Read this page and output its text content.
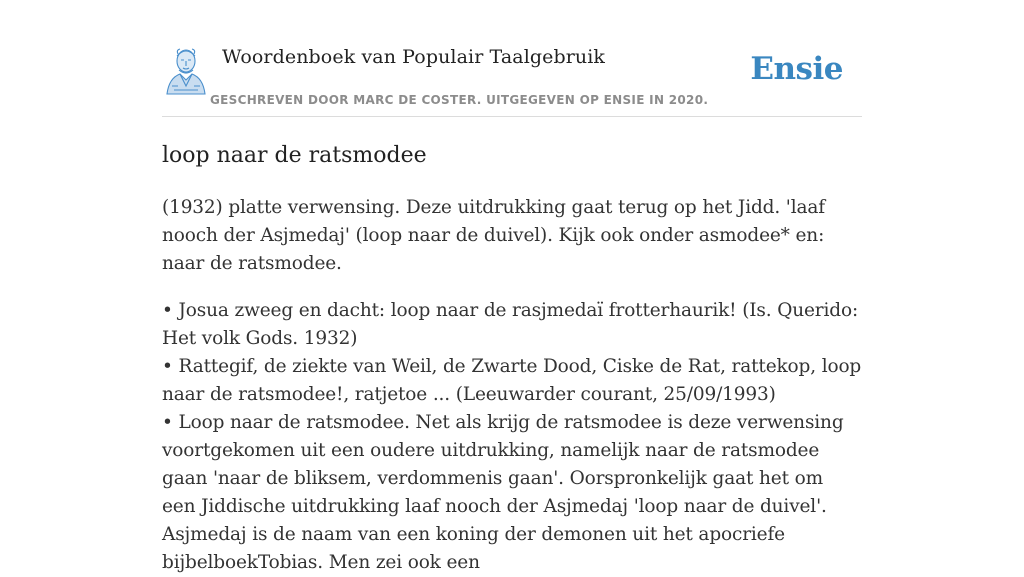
Woordenboek van Populair Taalgebruik
GESCHREVEN DOOR MARC DE COSTER. UITGEGEVEN OP ENSIE IN 2020.
Ensie
loop naar de ratsmodee

(1932) platte verwensing. Deze uitdrukking gaat terug op het Jidd. 'laaf nooch der Asjmedaj' (loop naar de duivel). Kijk ook onder asmodee* en: naar de ratsmodee.

• Josua zweeg en dacht: loop naar de rasjmedaï frotterhaurik! (Is. Querido: Het volk Gods. 1932)
• Rattegif, de ziekte van Weil, de Zwarte Dood, Ciske de Rat, rattekop, loop naar de ratsmodee!, ratjetoe ... (Leeuwarder courant, 25/09/1993)
• Loop naar de ratsmodee. Net als krijg de ratsmodee is deze verwensing voortgekomen uit een oudere uitdrukking, namelijk naar de ratsmodee gaan 'naar de bliksem, verdommenis gaan'. Oorspronkelijk gaat het om een Jiddische uitdrukking laaf nooch der Asjmedaj 'loop naar de duivel'. Asjmedaj is de naam van een koning der demonen uit het apocriefe bijbelboekTobias. Men zei ook een
